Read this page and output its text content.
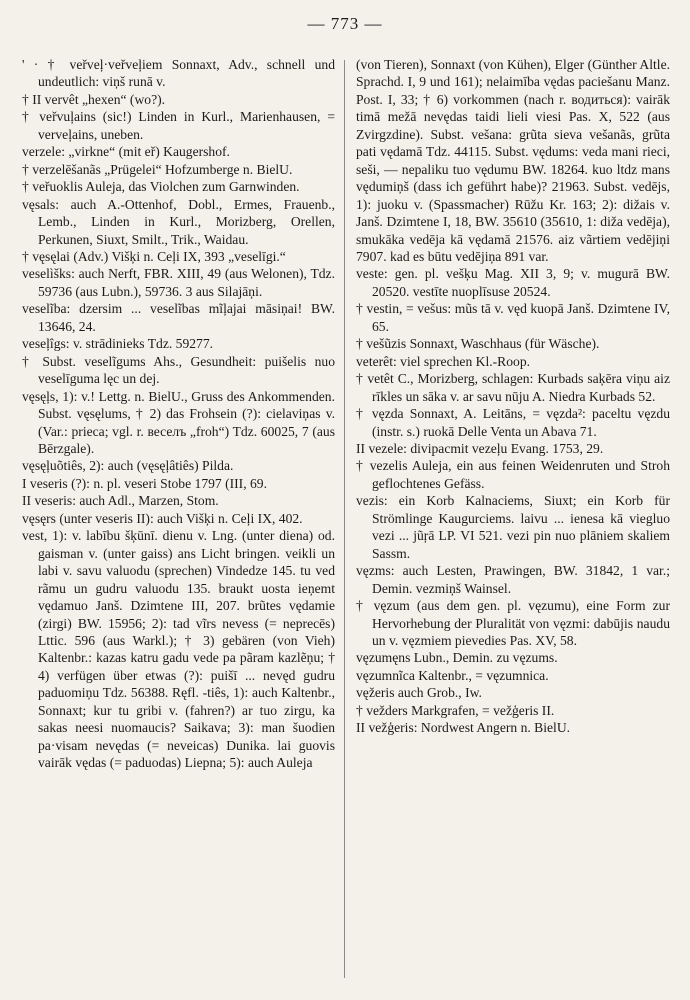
— 773 —

' · † veřveļ·veřveļiem Sonnaxt, Adv., schnell und undeutlich: viņš runā v.

† II vervêt „hexen“ (wo?).

† veřvuļains (sic!) Linden in Kurl., Marienhausen, = verveļains, uneben.

verzele: „virkne“ (mit eř) Kaugershof.

† verzelēšanãs „Prügelei“ Hofzumberge n. BielU.

† veřuoklis Auleja, das Violchen zum Garnwinden.

vęsals: auch A.-Ottenhof, Dobl., Ermes, Frauenb., Lemb., Linden in Kurl., Morizberg, Orellen, Perkunen, Siuxt, Smilt., Trik., Waidau.

† vęsęlai (Adv.) Višķi n. Ceļi IX, 393 „veselīgi.“

veselìšks: auch Nerft, FBR. XIII, 49 (aus Welonen), Tdz. 59736 (aus Lubn.), 59736. 3 aus Silajāņi.

veselĩba: dzersim ... veselĩbas mĩļajai māsiņai! BW. 13646, 24.

veseļîgs: v. strādinieks Tdz. 59277.

† Subst. veselĩgums Ahs., Gesundheit: puišelis nuo veselīguma lęc un dej.

vęsęļs, 1): v.! Lettg. n. BielU., Gruss des Ankommenden. Subst. vęsęlums, † 2) das Frohsein (?): cielaviņas v. (Var.: priecа; vgl. r. веселъ „froh“) Tdz. 60025, 7 (aus Bērzgale).

vęsęļuõtiês, 2): auch (vęsęļâtiês) Pilda.

I veseris (?): n. pl. veseri Stobe 1797 (III, 69.

II veseris: auch Adl., Marzen, Stom.

vęsęrs (unter veseris II): auch Višķi n. Ceļi IX, 402.

vest, 1): v. labību šķūnī. dienu v. Lng. (unter diena) od. gaisman v. (unter gaiss) ans Licht bringen. veikli un labi v. savu valuodu (sprechen) Vindedze 145. tu ved rãmu un gudru valuodu 135. braukt uosta ieņemt vędamuo Janš. Dzimtene III, 207. brũtes vędamie (zirgi) BW. 15956; 2): tad vĩrs nevess (= neprecēs) Lttic. 596 (aus Warkl.); † 3) gebären (von Vieh) Kaltenbr.: kazas katru gadu vede pa pãram kazlẽņu; † 4) verfügen über etwas (?): puišī ... nevęd gudru paduomiņu Tdz. 56388. Ręfl. -tiês, 1): auch Kaltenbr., Sonnaxt; kur tu gribi v. (fahren?) ar tuo zirgu, ka sakas neesi nuomaucis? Saikava; 3): man šuodien pa·visam nevędas (= neveicas) Dunika. lai guovis vairāk vędas (= paduodas) Liepna; 5): auch Auleja

(von Tieren), Sonnaxt (von Kühen), Elger (Günther Altle. Sprachd. I, 9 und 161); nelaimība vędas paciešanu Manz. Post. I, 33; † 6) vorkommen (nach r. водиться): vairāk timā mežā nevędas taidi lieli viesi Pas. X, 522 (aus Zvirgzdine). Subst. vešana: grũta sieva vešanãs, grũta pati vędamā Tdz. 44115. Subst. vędums: veda mani rieci, seši, — nepaliku tuo vędumu BW. 18264. kuo ltdz mans vędumiņš (dass ich geführt habe)? 21963. Subst. vedējs, 1): juoku v. (Spassmacher) Rūžu Kr. 163; 2): dižais v. Janš. Dzimtene I, 18, BW. 35610 (35610, 1: diža vedēja), smukāka vedēja kā vędamā 21576. aiz vãrtiem vedējiņi 7907. kad es būtu vedējiņa 891 var.

veste: gen. pl. vešķu Mag. XII 3, 9; v. mugurā BW. 20520. vestīte nuoplīsuse 20524.

† vestin, = vešus: mũs tā v. vęd kuopā Janš. Dzimtene IV, 65.

† vešũzis Sonnaxt, Waschhaus (für Wäsche).

veterêt: viel sprechen Kl.-Roop.

† vetêt C., Morizberg, schlagen: Kurbads saķēra viņu aiz rīkles un sāka v. ar savu nūju A. Niedra Kurbads 52.

† vęzda Sonnaxt, A. Leitāns, = vęzda²: paceltu vęzdu (instr. s.) ruokā Delle Venta un Abava 71.

II vezele: divipacmit vezeļu Evang. 1753, 29.

† vezelis Auleja, ein aus feinen Weidenruten und Stroh geflochtenes Gefäss.

vezis: ein Korb Kalnaciems, Siuxt; ein Korb für Strömlinge Kaugurciems. laivu ... ienesa kā viegluo vezi ... jũŗā LP. VI 521. vezi pin nuo plāniem skaliem Sassm.

vęzms: auch Lesten, Prawingen, BW. 31842, 1 var.; Demin. vezmiņš Wainsel.

† vęzum (aus dem gen. pl. vęzumu), eine Form zur Hervorhebung der Pluralität von vęzmi: dabūjis naudu un v. vęzmiem pievedies Pas. XV, 58.

vęzumęns Lubn., Demin. zu vęzums.

vęzumnĩca Kaltenbr., = vęzumnica.

vęžeris auch Grob., Iw.

† vežders Markgrafen, = vežģeris II.

II vežģeris: Nordwest Angern n. BielU.
